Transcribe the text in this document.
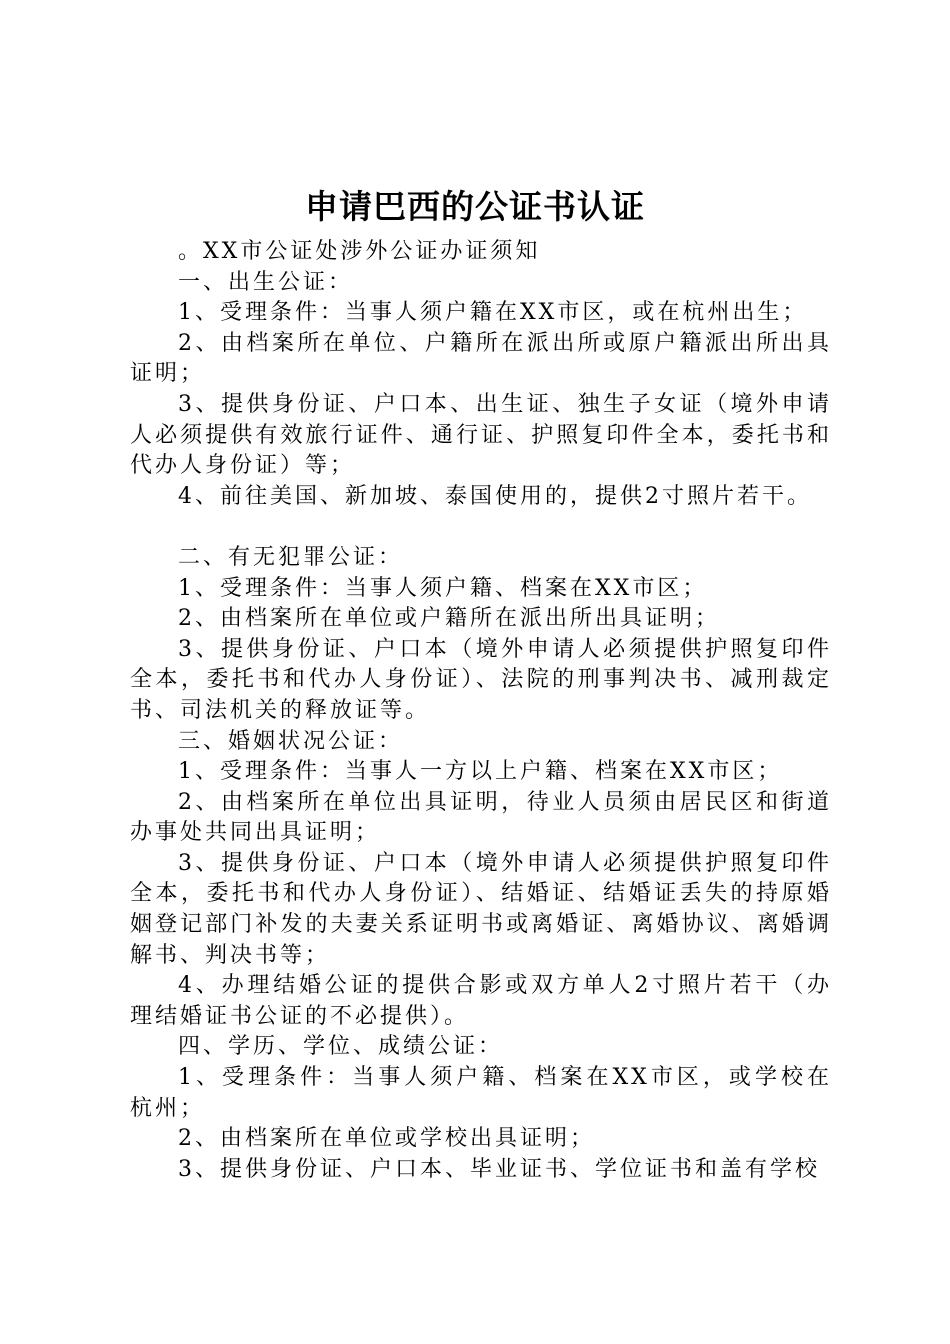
申请巴西的公证书认证

。XX市公证处涉外公证办证须知

一、出生公证：

1、受理条件：当事人须户籍在XX市区，或在杭州出生；

2、由档案所在单位、户籍所在派出所或原户籍派出所出具证明；

3、提供身份证、户口本、出生证、独生子女证（境外申请人必须提供有效旅行证件、通行证、护照复印件全本，委托书和代办人身份证）等；

4、前往美国、新加坡、泰国使用的，提供2寸照片若干。

二、有无犯罪公证：

1、受理条件：当事人须户籍、档案在XX市区；

2、由档案所在单位或户籍所在派出所出具证明；

3、提供身份证、户口本（境外申请人必须提供护照复印件全本，委托书和代办人身份证）、法院的刑事判决书、减刑裁定书、司法机关的释放证等。

三、婚姻状况公证：

1、受理条件：当事人一方以上户籍、档案在XX市区；

2、由档案所在单位出具证明，待业人员须由居民区和街道办事处共同出具证明；

3、提供身份证、户口本（境外申请人必须提供护照复印件全本，委托书和代办人身份证）、结婚证、结婚证丢失的持原婚姻登记部门补发的夫妻关系证明书或离婚证、离婚协议、离婚调解书、判决书等；

4、办理结婚公证的提供合影或双方单人2寸照片若干（办理结婚证书公证的不必提供）。

四、学历、学位、成绩公证：

1、受理条件：当事人须户籍、档案在XX市区，或学校在杭州；

2、由档案所在单位或学校出具证明；

3、提供身份证、户口本、毕业证书、学位证书和盖有学校
